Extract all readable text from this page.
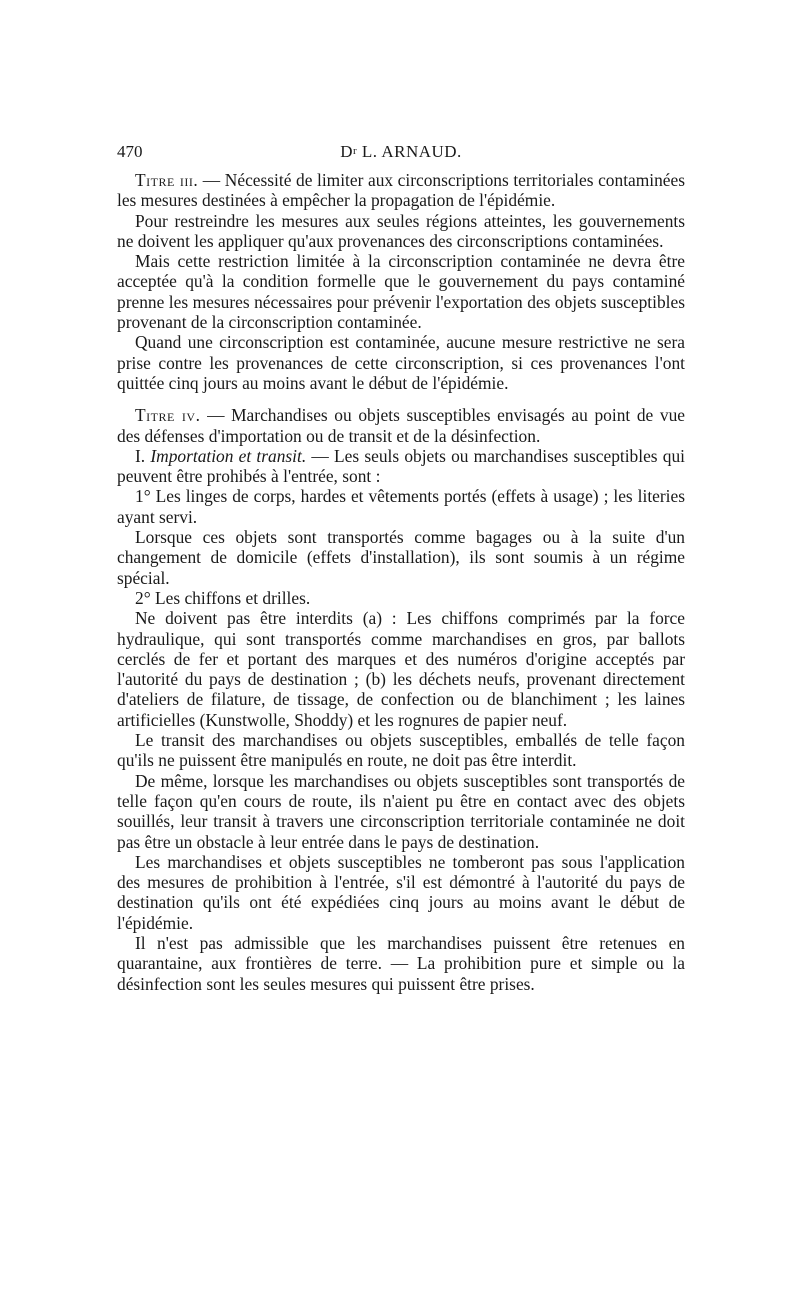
470	$D^r$ L. ARNAUD.

Titre iii. — Nécessité de limiter aux circonscriptions territoriales contaminées les mesures destinées à empêcher la propagation de l'épidémie.

Pour restreindre les mesures aux seules régions atteintes, les gouvernements ne doivent les appliquer qu'aux provenances des circonscriptions contaminées.

Mais cette restriction limitée à la circonscription contaminée ne devra être acceptée qu'à la condition formelle que le gouvernement du pays contaminé prenne les mesures nécessaires pour prévenir l'exportation des objets susceptibles provenant de la circonscription contaminée.

Quand une circonscription est contaminée, aucune mesure restrictive ne sera prise contre les provenances de cette circonscription, si ces provenances l'ont quittée cinq jours au moins avant le début de l'épidémie.

Titre iv. — Marchandises ou objets susceptibles envisagés au point de vue des défenses d'importation ou de transit et de la désinfection.

I. Importation et transit. — Les seuls objets ou marchandises susceptibles qui peuvent être prohibés à l'entrée, sont :

1° Les linges de corps, hardes et vêtements portés (effets à usage) ; les literies ayant servi.

Lorsque ces objets sont transportés comme bagages ou à la suite d'un changement de domicile (effets d'installation), ils sont soumis à un régime spécial.

2° Les chiffons et drilles.

Ne doivent pas être interdits (a) : Les chiffons comprimés par la force hydraulique, qui sont transportés comme marchandises en gros, par ballots cerclés de fer et portant des marques et des numéros d'origine acceptés par l'autorité du pays de destination ; (b) les déchets neufs, provenant directement d'ateliers de filature, de tissage, de confection ou de blanchiment ; les laines artificielles (Kunstwolle, Shoddy) et les rognures de papier neuf.

Le transit des marchandises ou objets susceptibles, emballés de telle façon qu'ils ne puissent être manipulés en route, ne doit pas être interdit.

De même, lorsque les marchandises ou objets susceptibles sont transportés de telle façon qu'en cours de route, ils n'aient pu être en contact avec des objets souillés, leur transit à travers une circonscription territoriale contaminée ne doit pas être un obstacle à leur entrée dans le pays de destination.

Les marchandises et objets susceptibles ne tomberont pas sous l'application des mesures de prohibition à l'entrée, s'il est démontré à l'autorité du pays de destination qu'ils ont été expédiées cinq jours au moins avant le début de l'épidémie.

Il n'est pas admissible que les marchandises puissent être retenues en quarantaine, aux frontières de terre. — La prohibition pure et simple ou la désinfection sont les seules mesures qui puissent être prises.
